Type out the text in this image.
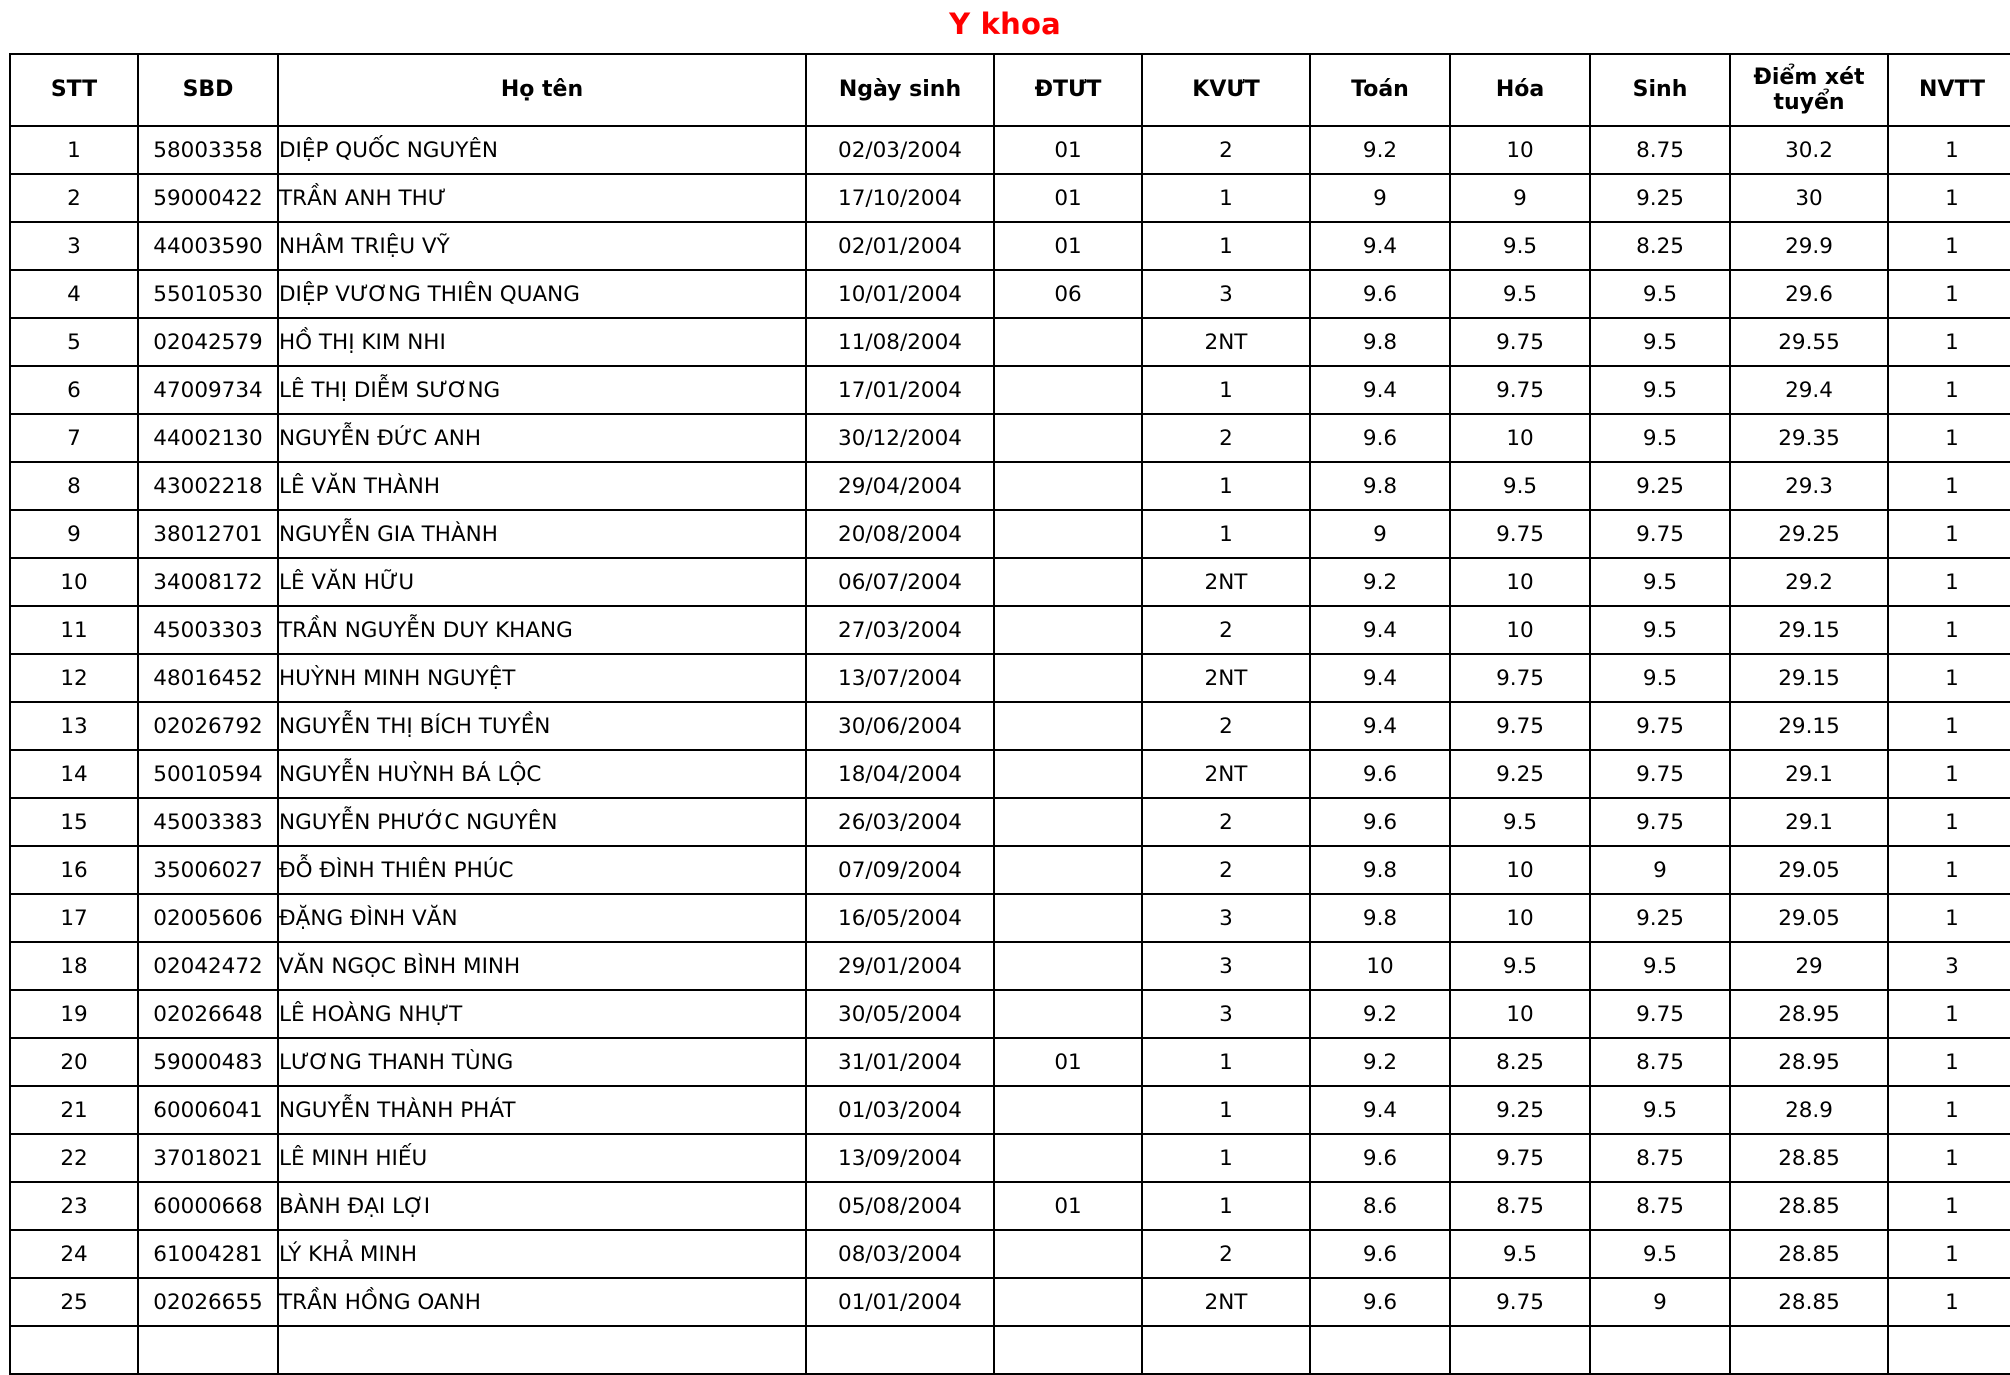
Y khoa
STT	SBD	Họ tên	Ngày sinh	ĐTƯT	KVƯT	Toán	Hóa	Sinh	Điểm xét tuyển	NVTT
1	58003358	DIỆP QUỐC NGUYÊN	02/03/2004	01	2	9.2	10	8.75	30.2	1
2	59000422	TRẦN ANH THƯ	17/10/2004	01	1	9	9	9.25	30	1
3	44003590	NHÂM TRIỆU VỸ	02/01/2004	01	1	9.4	9.5	8.25	29.9	1
4	55010530	DIỆP VƯƠNG THIÊN QUANG	10/01/2004	06	3	9.6	9.5	9.5	29.6	1
5	02042579	HỒ THỊ KIM NHI	11/08/2004		2NT	9.8	9.75	9.5	29.55	1
6	47009734	LÊ THỊ DIỄM SƯƠNG	17/01/2004		1	9.4	9.75	9.5	29.4	1
7	44002130	NGUYỄN ĐỨC ANH	30/12/2004		2	9.6	10	9.5	29.35	1
8	43002218	LÊ VĂN THÀNH	29/04/2004		1	9.8	9.5	9.25	29.3	1
9	38012701	NGUYỄN GIA THÀNH	20/08/2004		1	9	9.75	9.75	29.25	1
10	34008172	LÊ VĂN HỮU	06/07/2004		2NT	9.2	10	9.5	29.2	1
11	45003303	TRẦN NGUYỄN DUY KHANG	27/03/2004		2	9.4	10	9.5	29.15	1
12	48016452	HUỲNH MINH NGUYỆT	13/07/2004		2NT	9.4	9.75	9.5	29.15	1
13	02026792	NGUYỄN THỊ BÍCH TUYỀN	30/06/2004		2	9.4	9.75	9.75	29.15	1
14	50010594	NGUYỄN HUỲNH BÁ LỘC	18/04/2004		2NT	9.6	9.25	9.75	29.1	1
15	45003383	NGUYỄN PHƯỚC NGUYÊN	26/03/2004		2	9.6	9.5	9.75	29.1	1
16	35006027	ĐỖ ĐÌNH THIÊN PHÚC	07/09/2004		2	9.8	10	9	29.05	1
17	02005606	ĐẶNG ĐÌNH VĂN	16/05/2004		3	9.8	10	9.25	29.05	1
18	02042472	VĂN NGỌC BÌNH MINH	29/01/2004		3	10	9.5	9.5	29	3
19	02026648	LÊ HOÀNG NHỰT	30/05/2004		3	9.2	10	9.75	28.95	1
20	59000483	LƯƠNG THANH TÙNG	31/01/2004	01	1	9.2	8.25	8.75	28.95	1
21	60006041	NGUYỄN THÀNH PHÁT	01/03/2004		1	9.4	9.25	9.5	28.9	1
22	37018021	LÊ MINH HIẾU	13/09/2004		1	9.6	9.75	8.75	28.85	1
23	60000668	BÀNH ĐẠI LỢI	05/08/2004	01	1	8.6	8.75	8.75	28.85	1
24	61004281	LÝ KHẢ MINH	08/03/2004		2	9.6	9.5	9.5	28.85	1
25	02026655	TRẦN HỒNG OANH	01/01/2004		2NT	9.6	9.75	9	28.85	1
